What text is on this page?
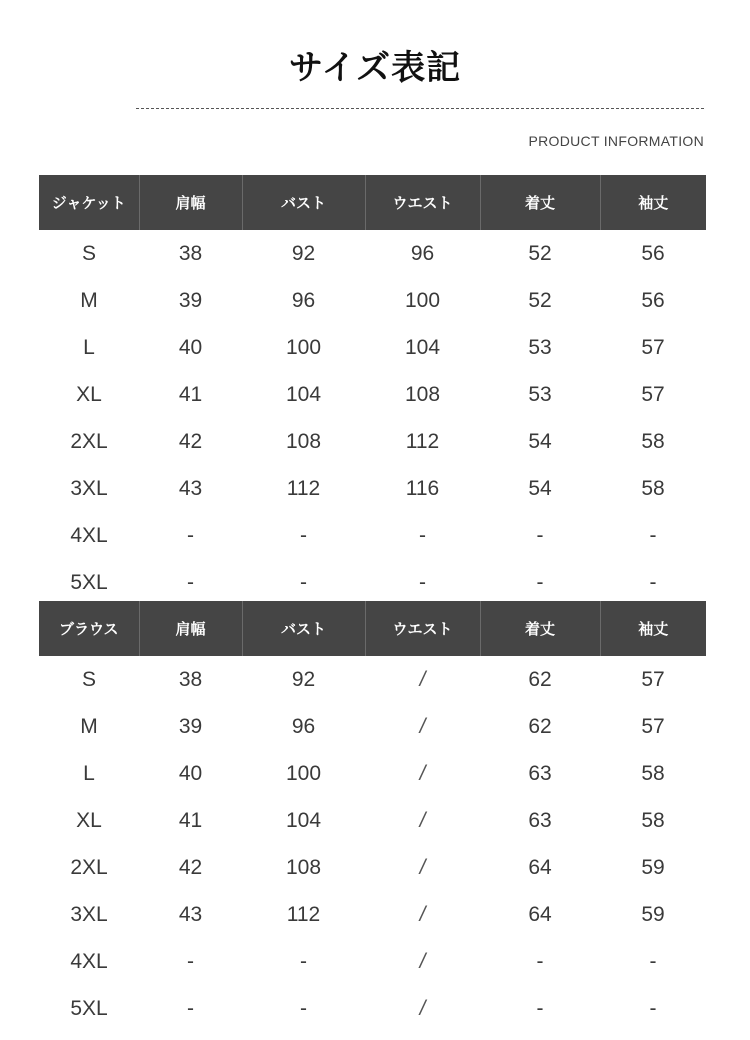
サイズ表記
PRODUCT INFORMATION
ジャケット	肩幅	バスト	ウエスト	着丈	袖丈
S	38	92	96	52	56
M	39	96	100	52	56
L	40	100	104	53	57
XL	41	104	108	53	57
2XL	42	108	112	54	58
3XL	43	112	116	54	58
4XL	-	-	-	-	-
5XL	-	-	-	-	-
ブラウス	肩幅	バスト	ウエスト	着丈	袖丈
S	38	92	/	62	57
M	39	96	/	62	57
L	40	100	/	63	58
XL	41	104	/	63	58
2XL	42	108	/	64	59
3XL	43	112	/	64	59
4XL	-	-	/	-	-
5XL	-	-	/	-	-
